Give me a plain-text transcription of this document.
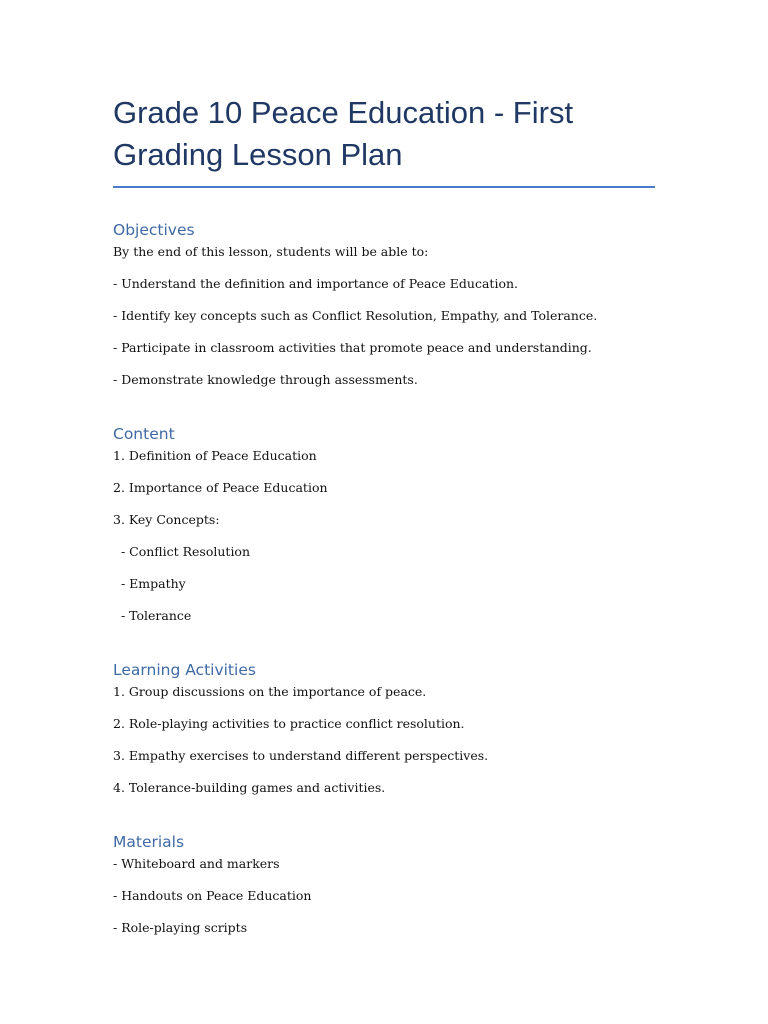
Grade 10 Peace Education - First
Grading Lesson Plan
Objectives

By the end of this lesson, students will be able to:

- Understand the definition and importance of Peace Education.

- Identify key concepts such as Conflict Resolution, Empathy, and Tolerance.

- Participate in classroom activities that promote peace and understanding.

- Demonstrate knowledge through assessments.

Content

1. Definition of Peace Education

2. Importance of Peace Education

3. Key Concepts:

- Conflict Resolution

- Empathy

- Tolerance

Learning Activities

1. Group discussions on the importance of peace.

2. Role-playing activities to practice conflict resolution.

3. Empathy exercises to understand different perspectives.

4. Tolerance-building games and activities.

Materials

- Whiteboard and markers

- Handouts on Peace Education

- Role-playing scripts
